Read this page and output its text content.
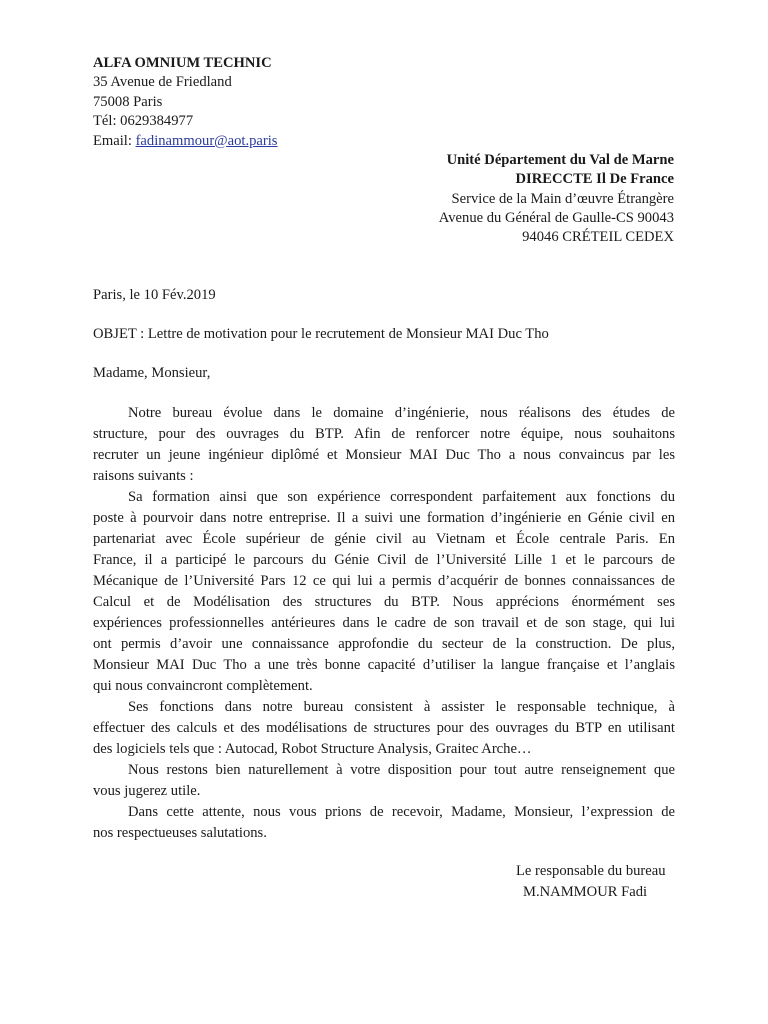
ALFA OMNIUM TECHNIC
35 Avenue de Friedland
75008 Paris
Tél: 0629384977
Email: fadinammour@aot.paris
Unité Département du Val de Marne
DIRECCTE Il De France
Service de la Main d’œuvre Étrangère
Avenue du Général de Gaulle-CS 90043
94046 CRÉTEIL CEDEX
Paris, le 10 Fév.2019
OBJET : Lettre de motivation pour le recrutement de Monsieur MAI Duc Tho
Madame, Monsieur,
Notre bureau évolue dans le domaine d’ingénierie, nous réalisons des études de
structure, pour des ouvrages du BTP. Afin de renforcer notre équipe, nous souhaitons
recruter un jeune ingénieur diplômé et Monsieur MAI Duc Tho a nous convaincus par les
raisons suivants :
Sa formation ainsi que son expérience correspondent parfaitement aux fonctions du
poste à pourvoir dans notre entreprise. Il a suivi une formation d’ingénierie en Génie civil en
partenariat avec École supérieur de génie civil au Vietnam et École centrale Paris. En
France, il a participé le parcours du Génie Civil de l’Université Lille 1 et le parcours de
Mécanique de l’Université Pars 12 ce qui lui a permis d’acquérir de bonnes connaissances de
Calcul et de Modélisation des structures du BTP. Nous apprécions énormément ses
expériences professionnelles antérieures dans le cadre de son travail et de son stage, qui lui
ont permis d’avoir une connaissance approfondie du secteur de la construction. De plus,
Monsieur MAI Duc Tho a une très bonne capacité d’utiliser la langue française et l’anglais
qui nous convaincront complètement.
Ses fonctions dans notre bureau consistent à assister le responsable technique, à
effectuer des calculs et des modélisations de structures pour des ouvrages du BTP en utilisant
des logiciels tels que : Autocad, Robot Structure Analysis, Graitec Arche…
Nous restons bien naturellement à votre disposition pour tout autre renseignement que
vous jugerez utile.
Dans cette attente, nous vous prions de recevoir, Madame, Monsieur, l’expression de
nos respectueuses salutations.
Le responsable du bureau
M.NAMMOUR Fadi
